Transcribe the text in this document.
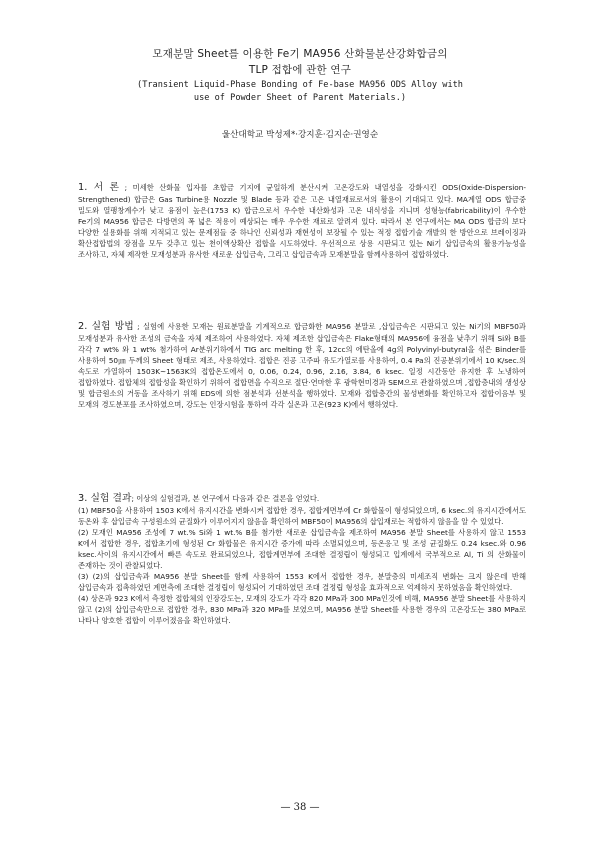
모재분말 Sheet를 이용한 Fe기 MA956 산화물분산강화합금의
TLP 접합에 관한 연구
(Transient Liquid-Phase Bonding of Fe-base MA956 ODS Alloy with
use of Powder Sheet of Parent Materials.)
울산대학교 박성제*·강지훈·김지순·권영순

1. 서 론 ; 미세한 산화물 입자를 초합금 기지에 균일하게 분산시켜 고온강도와 내열성을 강화시킨 ODS(Oxide-Dispersion-Strengthened) 합금은 Gas Turbine용 Nozzle 및 Blade 등과 같은 고온 내열재료로서의 활용이 기대되고 있다. MA계열 ODS 합금중 밀도와 열팽창계수가 낮고 융점이 높은(1753 K) 합금으로서 우수한 내산화성과 고온 내식성을 지니며 성형능(fabricability)이 우수한 Fe기의 MA956 합금은 다방면의 폭 넓은 적용이 예상되는 매우 우수한 재료로 알려져 있다. 따라서 본 연구에서는 MA ODS 합금의 보다 다양한 실용화를 위해 지적되고 있는 문제점들 중 하나인 신뢰성과 재현성이 보장될 수 있는 적정 접합기술 개발의 한 방안으로 브레이징과 확산접합법의 장점을 모두 갖추고 있는 천이액상확산 접합을 시도하였다. 우선적으로 상용 시판되고 있는 Ni기 삽입금속의 활용가능성을 조사하고, 자체 제작한 모재성분과 유사한 새로운 삽입금속, 그리고 삽입금속과 모재분말을 함께사용하여 접합하였다.

2. 실험 방법 ; 실험에 사용한 모재는 원료분말을 기계적으로 합금화한 MA956 분말로 ,삽입금속은 시판되고 있는 Ni기의 MBF50과 모재성분과 유사한 조성의 금속을 자체 제조하여 사용하였다. 자체 제조한 삽입금속은 Flake형태의 MA956에 융점을 낮추기 위해 Si와 B를 각각 7 wt% 와 1 wt% 첨가하여 Ar분위기하에서 TIG arc melting 한 후, 12cc의 에탄올에 4g의 Polyvinyl-butyral을 섞은 Binder를 사용하여 50㎛ 두께의 Sheet 형태로 제조, 사용하였다. 접합은 진공 고주파 유도가열로를 사용하여, 0.4 Pa의 진공분위기에서 10 K/sec.의 속도로 가열하여 1503K~1563K의 접합온도에서 0, 0.06, 0.24, 0.96, 2.16, 3.84, 6 ksec. 일정 시간동안 유지한 후 노냉하여 접합하였다. 접합체의 접합성을 확인하기 위하여 접합면을 수직으로 절단·연마한 후 광학현미경과 SEM으로 관찰하였으며 ,접합층내의 생성상 및 합금원소의 거동을 조사하기 위해 EDS에 의한 점분석과 선분석을 행하였다. 모재와 접합층간의 물성변화를 확인하고자 접합이음부 및 모재의 경도분포를 조사하였으며, 강도는 인장시험을 통하여 각각 실온과 고온(923 K)에서 행하였다.

3. 실험 결과; 이상의 실험결과, 본 연구에서 다음과 같은 결론을 얻었다.

(1) MBF50을 사용하여 1503 K에서 유지시간을 변화시켜 접합한 경우, 접합계면부에 Cr 화합물이 형성되었으며, 6 ksec.의 유지시간에서도 동온와 후 삽입금속 구성원소의 균질화가 이루어지지 않음을 확인하여 MBF50이 MA956의 삽입재로는 적합하지 않음을 알 수 있었다.

(2) 모재인 MA956 조성에 7 wt.% Si와 1 wt.% B를 첨가한 새로운 삽입금속을 제조하여 MA956 분말 Sheet를 사용하지 않고 1553 K에서 접합한 경우, 접합초기에 형성된 Cr 화합물은 유지시간 증가에 따라 소멸되었으며, 등온응고 및 조성 균질화도 0.24 ksec.와 0.96 ksec.사이의 유지시간에서 빠른 속도로 완료되었으나, 접합계면부에 조대한 결정립이 형성되고 입계에서 국부적으로 Al, Ti 의 산화물이 존재하는 것이 관찰되었다.

(3) (2)의 삽입금속과 MA956 분말 Sheet를 함께 사용하여 1553 K에서 접합한 경우, 분말층의 미세조직 변화는 크지 않은데 반해 삽입금속과 접촉하였던 계면측에 조대한 결정립이 형성되어 기대하였던 조대 결정립 형성을 효과적으로 억제하지 못하였음을 확인하였다.

(4) 상온과 923 K에서 측정한 접합체의 인장강도는, 모재의 강도가 각각 820 MPa과 300 MPa인것에 비해, MA956 분말 Sheet를 사용하지 않고 (2)의 삽입금속만으로 접합한 경우, 830 MPa과 320 MPa를 보였으며, MA956 분말 Sheet를 사용한 경우의 고온강도는 380 MPa로 나타나 양호한 접합이 이루어졌음을 확인하였다.

— 38 —
